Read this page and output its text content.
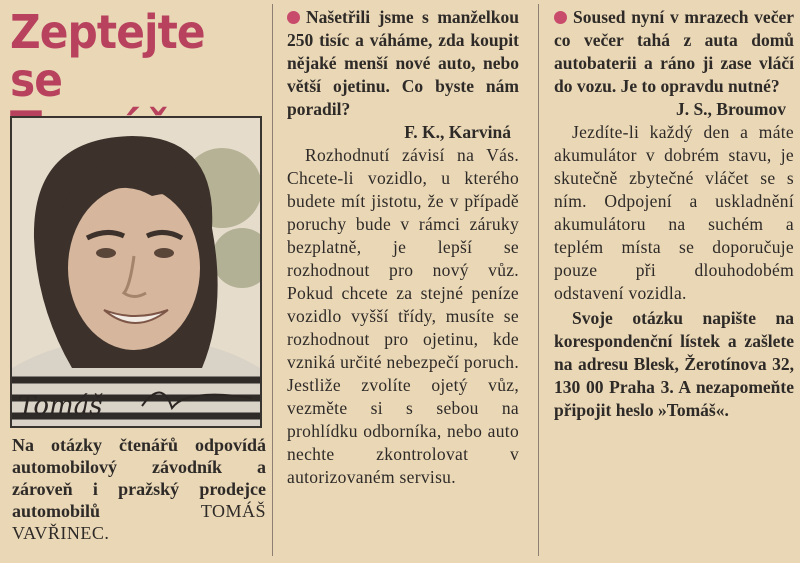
Zeptejte se
Tomáš
Na otázky čtenářů odpovídá automobilový závodník a zároveň i pražský prodejce automobilů	TOMÁŠ VAVŘINEC.
Našetřili jsme s manželkou 250 tisíc a váháme, zda koupit nějaké menší nové auto, nebo větší ojetinu. Co byste nám poradil?
F. K., Karviná
Rozhodnutí závisí na Vás. Chcete-li vozidlo, u kterého budete mít jistotu, že v případě poruchy bude v rámci záruky bezplatně, je lepší se rozhodnout pro nový vůz. Pokud chcete za stejné peníze vozidlo vyšší třídy, musíte se rozhodnout pro ojetinu, kde vzniká určité nebezpečí poruch. Jestliže zvolíte ojetý vůz, vezměte si s sebou na prohlídku odborníka, nebo auto nechte zkontrolovat v autorizovaném servisu.
Soused nyní v mrazech večer co večer tahá z auta domů autobaterii a ráno ji zase vláčí do vozu. Je to opravdu nutné?
J. S., Broumov
Jezdíte-li každý den a máte akumulátor v dobrém stavu, je skutečně zbytečné vláčet se s ním. Odpojení a uskladnění akumulátoru na suchém a teplém místa se doporučuje pouze při dlouhodobém odstavení vozidla.
Svoje otázku napište na korespondenční lístek a zašlete na adresu Blesk, Žerotínova 32, 130 00 Praha 3. A nezapomeňte připojit heslo »Tomáš«.
